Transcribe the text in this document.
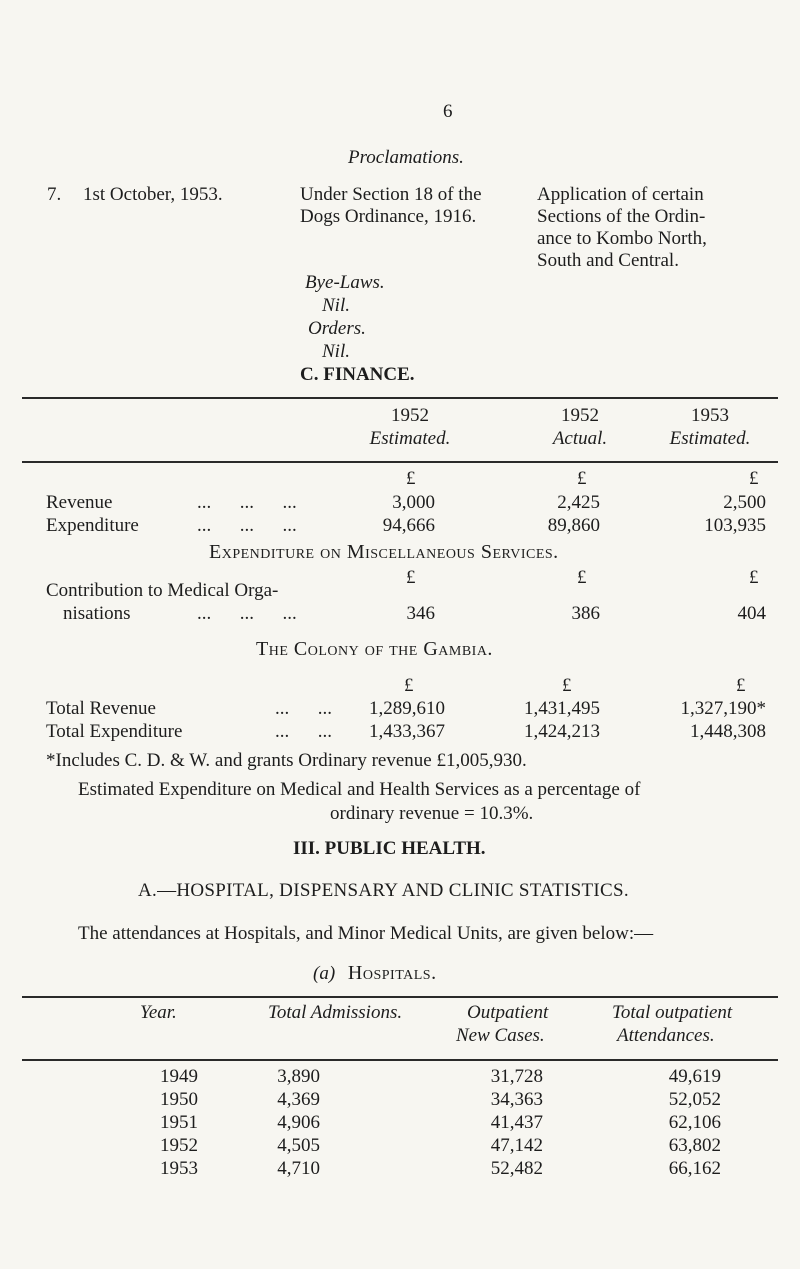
6
Proclamations.
7. 1st October, 1953.	Under Section 18 of the
Dogs Ordinance, 1916.
Application of certain
Sections of the Ordin-
ance to Kombo North,
South and Central.
Bye-Laws.
Nil.
Orders.
Nil.
C. FINANCE.
1952	1952	1953
Estimated.	Actual.	Estimated.
£	£	£
Revenue	...      ...      ...	3,000	2,425	2,500
Expenditure	...      ...      ...	94,666	89,860	103,935
Expenditure on Miscellaneous Services.
£	£	£
Contribution to Medical Orga-
nisations	...      ...      ...	346	386	404
The Colony of the Gambia.
£	£	£
Total Revenue	...      ...	1,289,610	1,431,495	1,327,190*
Total Expenditure	...      ...	1,433,367	1,424,213	1,448,308
*Includes C. D. & W. and grants Ordinary revenue £1,005,930.
Estimated Expenditure on Medical and Health Services as a percentage of
ordinary revenue = 10.3%.
III. PUBLIC HEALTH.
A.—HOSPITAL, DISPENSARY AND CLINIC STATISTICS.
The attendances at Hospitals, and Minor Medical Units, are given below:—
(a) Hospitals.
Year.	Total Admissions.	Outpatient
New Cases.
Total outpatient
Attendances.
1949	3,890	31,728	49,619
1950	4,369	34,363	52,052
1951	4,906	41,437	62,106
1952	4,505	47,142	63,802
1953	4,710	52,482	66,162
